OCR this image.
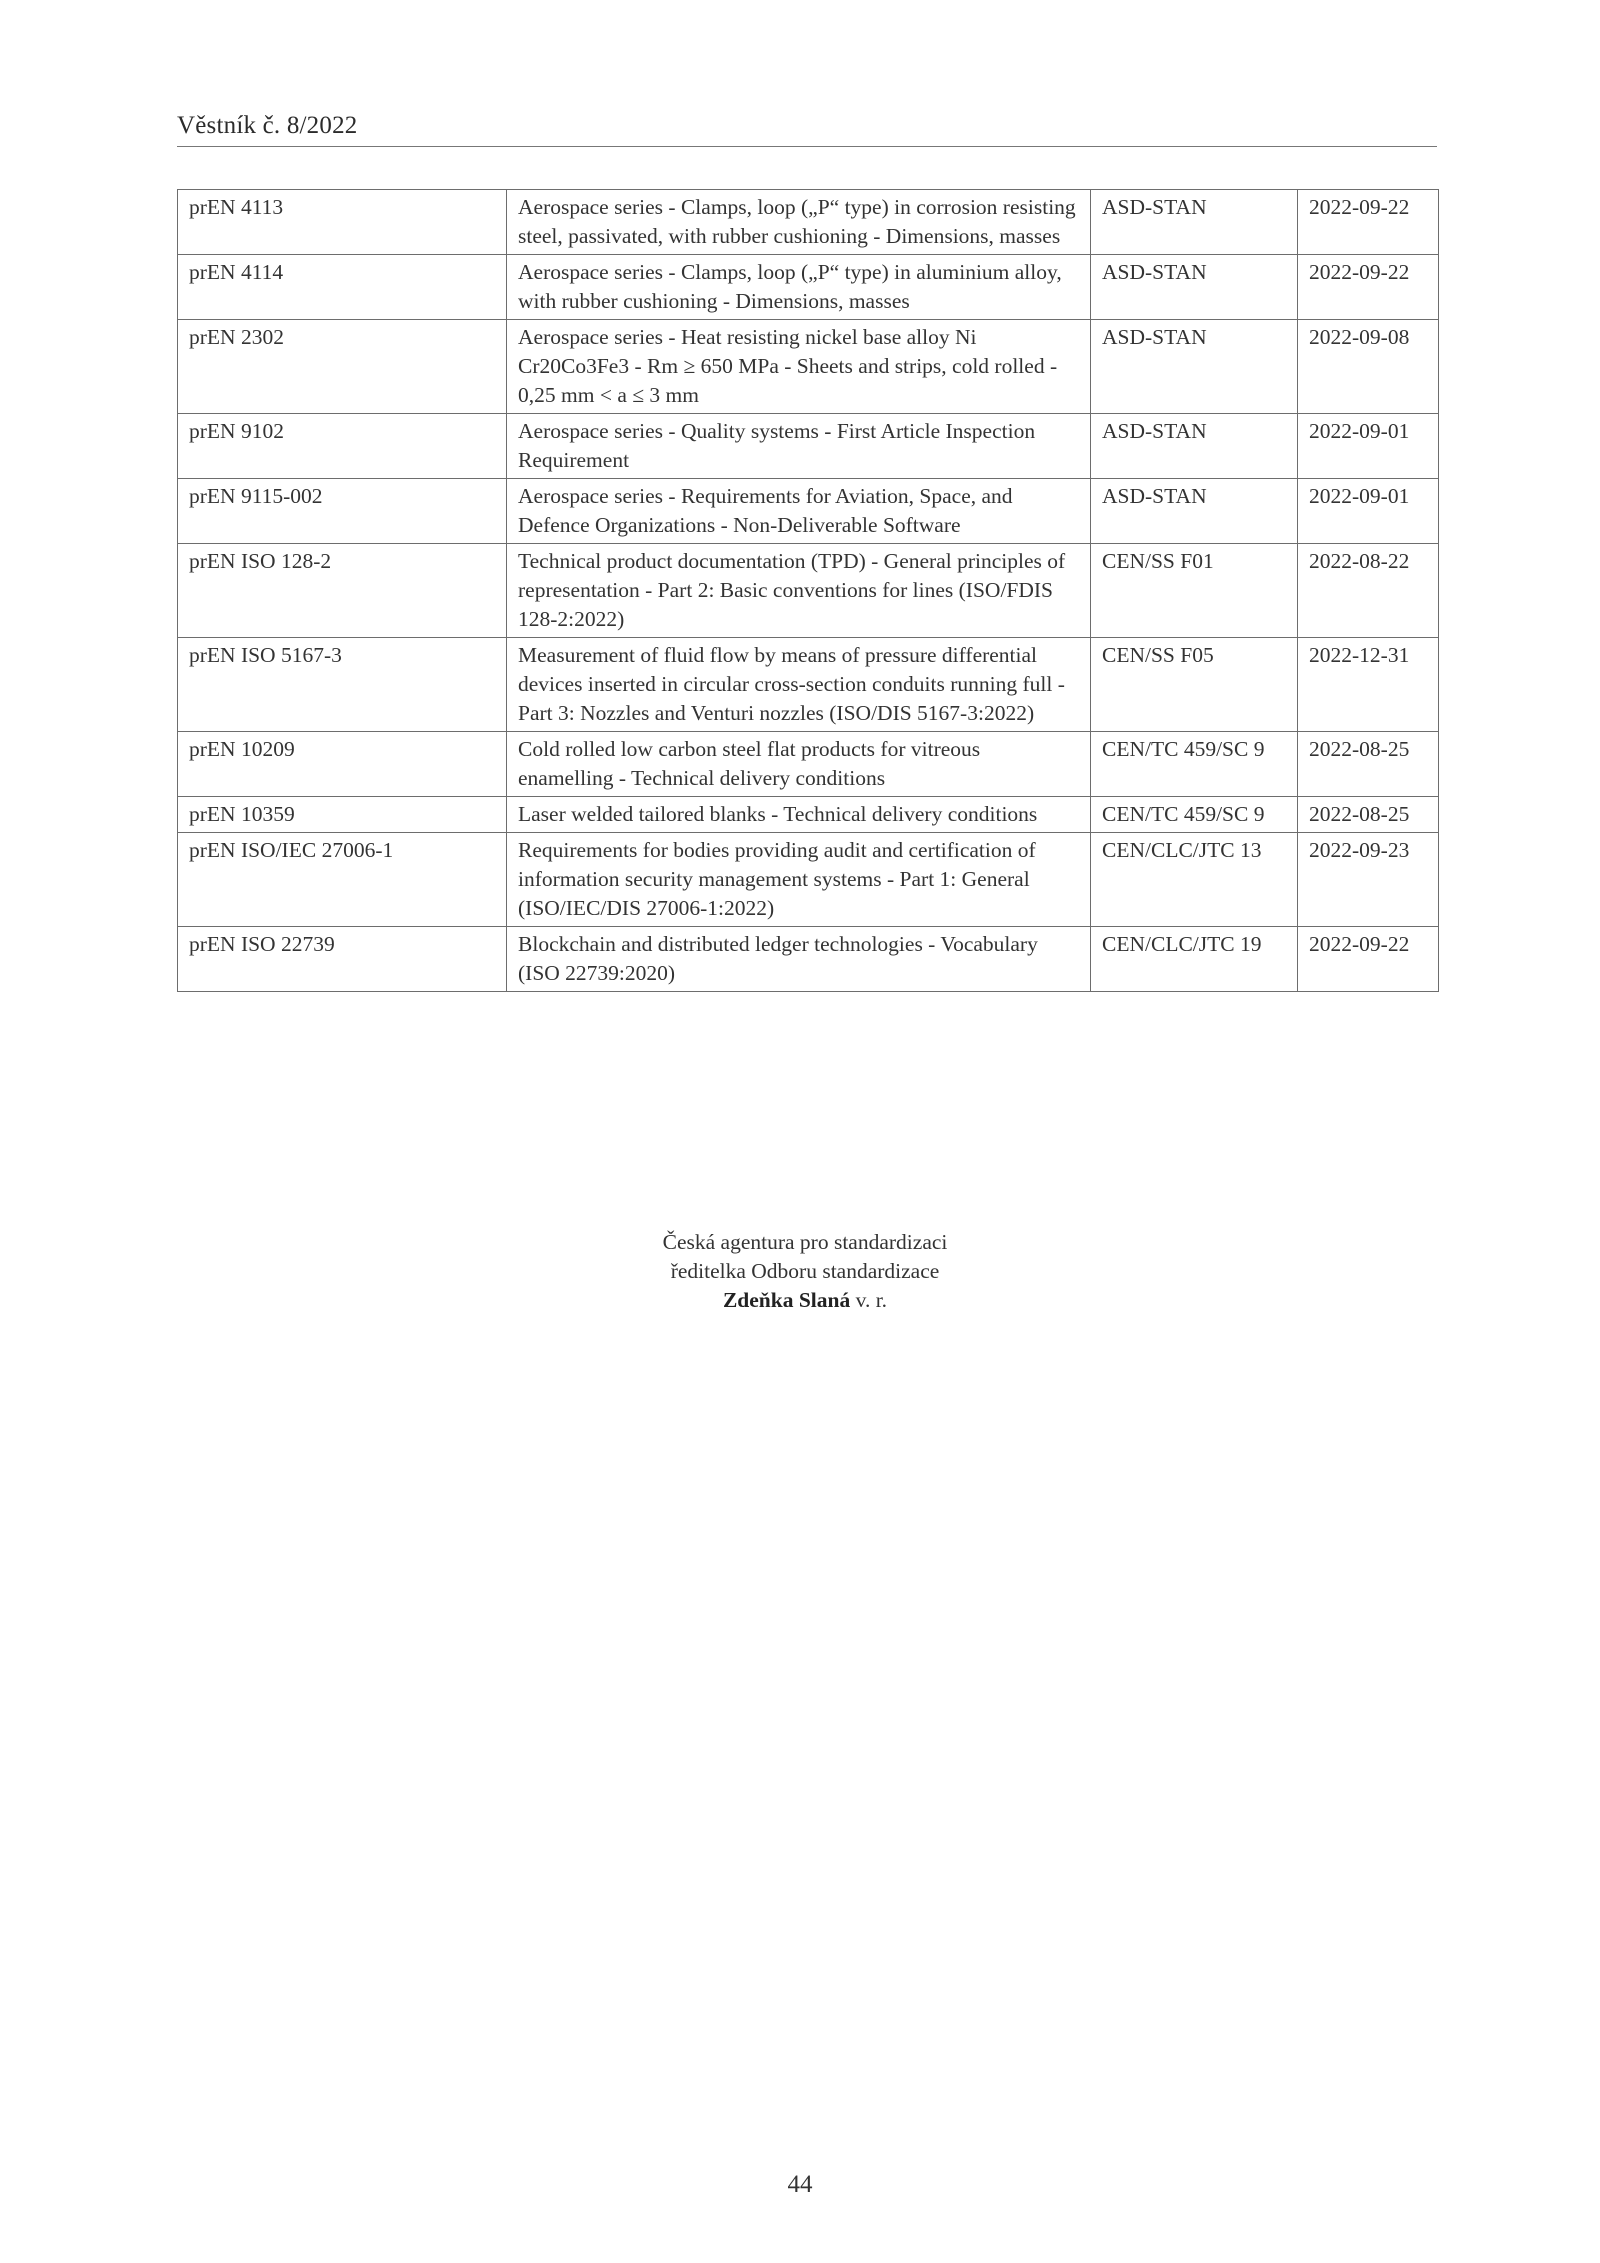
Věstník č. 8/2022
prEN 4113	Aerospace series - Clamps, loop („P“ type) in corrosion resisting steel, passivated, with rubber cushioning - Dimensions, masses	ASD-STAN	2022-09-22
prEN 4114	Aerospace series - Clamps, loop („P“ type) in aluminium alloy, with rubber cushioning - Dimensions, masses	ASD-STAN	2022-09-22
prEN 2302	Aerospace series - Heat resisting nickel base alloy Ni Cr20Co3Fe3 - Rm ≥ 650 MPa - Sheets and strips, cold rolled - 0,25 mm < a ≤ 3 mm	ASD-STAN	2022-09-08
prEN 9102	Aerospace series - Quality systems - First Article Inspection Requirement	ASD-STAN	2022-09-01
prEN 9115-002	Aerospace series - Requirements for Aviation, Space, and Defence Organizations - Non-Deliverable Software	ASD-STAN	2022-09-01
prEN ISO 128-2	Technical product documentation (TPD) - General principles of representation - Part 2: Basic conventions for lines (ISO/FDIS 128-2:2022)	CEN/SS F01	2022-08-22
prEN ISO 5167-3	Measurement of fluid flow by means of pressure differential devices inserted in circular cross-section conduits running full - Part 3: Nozzles and Venturi nozzles (ISO/DIS 5167-3:2022)	CEN/SS F05	2022-12-31
prEN 10209	Cold rolled low carbon steel flat products for vitreous enamelling - Technical delivery conditions	CEN/TC 459/SC 9	2022-08-25
prEN 10359	Laser welded tailored blanks - Technical delivery conditions	CEN/TC 459/SC 9	2022-08-25
prEN ISO/IEC 27006-1	Requirements for bodies providing audit and certification of information security management systems - Part 1: General (ISO/IEC/DIS 27006-1:2022)	CEN/CLC/JTC 13	2022-09-23
prEN ISO 22739	Blockchain and distributed ledger technologies - Vocabulary (ISO 22739:2020)	CEN/CLC/JTC 19	2022-09-22
Česká agentura pro standardizaci
ředitelka Odboru standardizace
Zdeňka Slaná v. r.
44
